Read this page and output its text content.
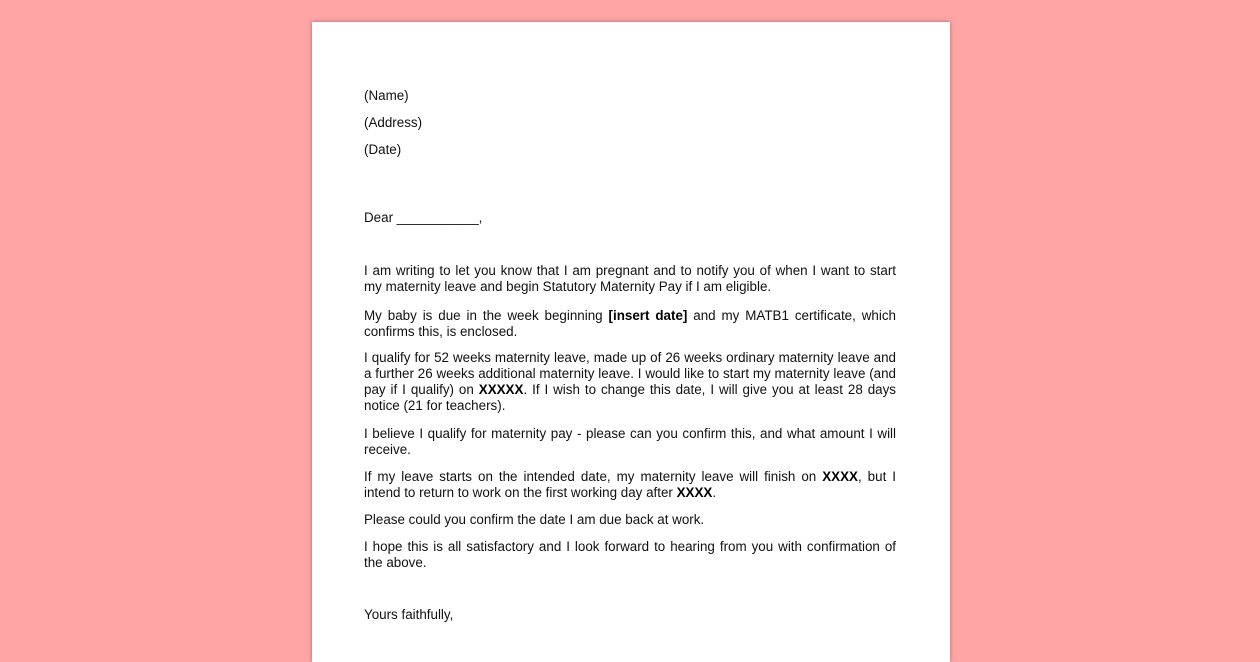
(Name)
(Address)
(Date)
Dear ___________,
I am writing to let you know that I am pregnant and to notify you of when I want to start my maternity leave and begin Statutory Maternity Pay if I am eligible.
My baby is due in the week beginning [insert date] and my MATB1 certificate, which confirms this, is enclosed.
I qualify for 52 weeks maternity leave, made up of 26 weeks ordinary maternity leave and a further 26 weeks additional maternity leave. I would like to start my maternity leave (and pay if I qualify) on XXXXX. If I wish to change this date, I will give you at least 28 days notice (21 for teachers).
I believe I qualify for maternity pay - please can you confirm this, and what amount I will receive.
If my leave starts on the intended date, my maternity leave will finish on XXXX, but I intend to return to work on the first working day after XXXX.
Please could you confirm the date I am due back at work.
I hope this is all satisfactory and I look forward to hearing from you with confirmation of the above.
Yours faithfully,
